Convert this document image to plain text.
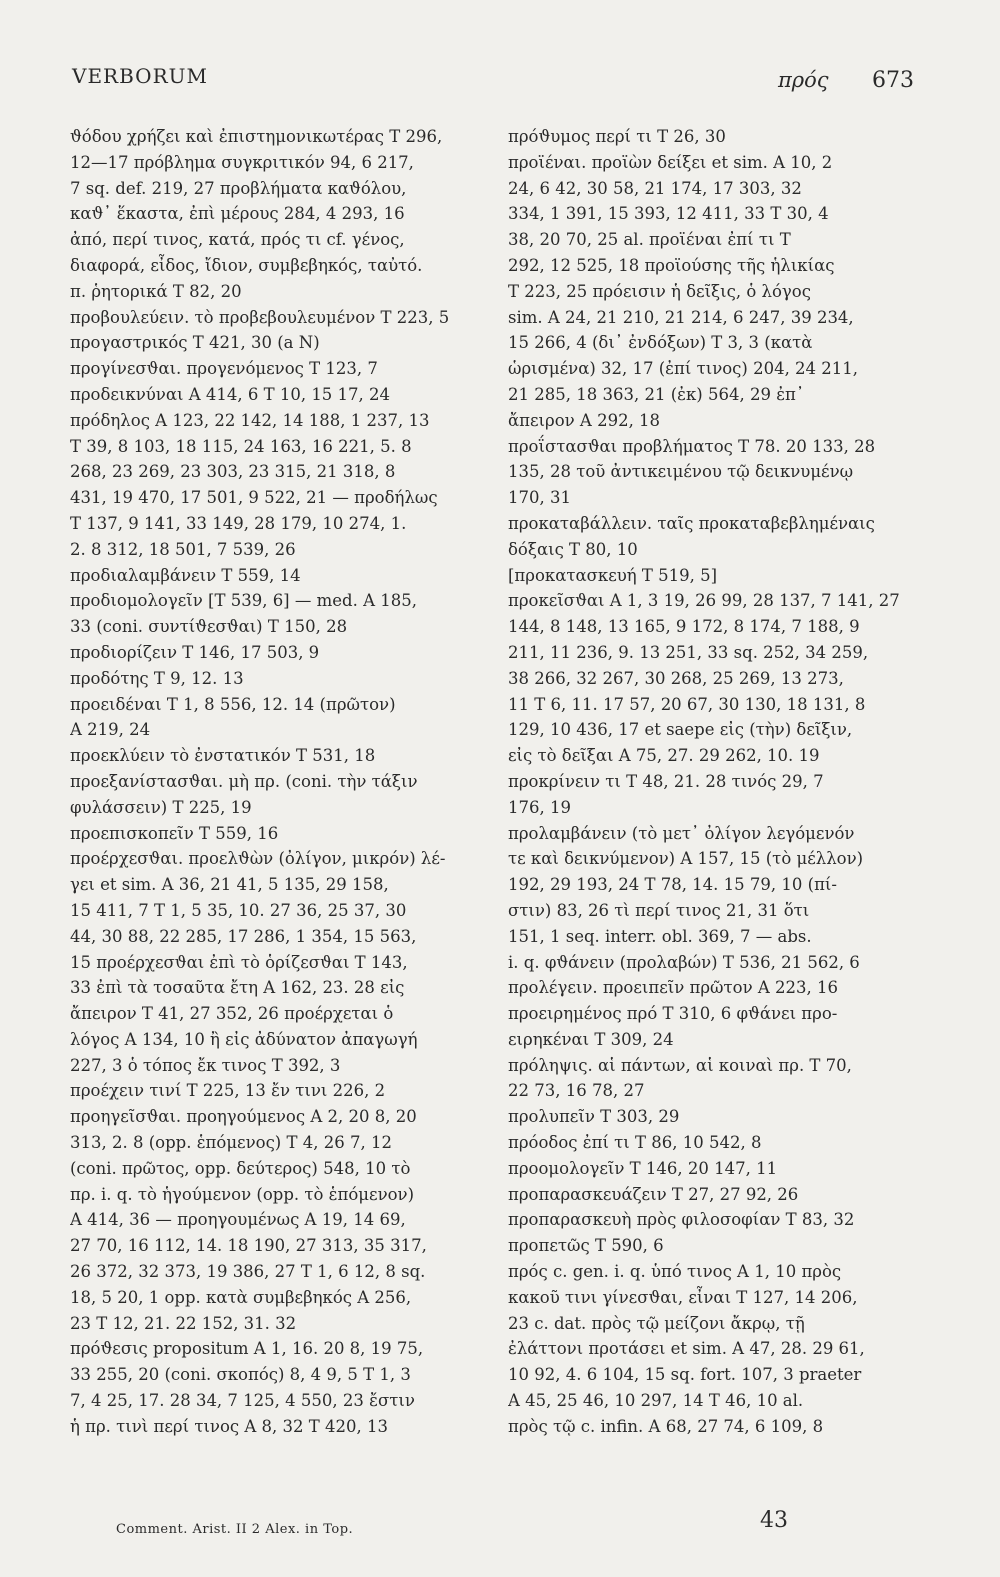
VERBORUM	πρός 673
ϑόδου χρήζει καὶ ἐπιστημονικωτέρας Τ 296,
12—17 πρόβλημα συγκριτικόν 94, 6 217,
7 sq. def. 219, 27 προβλήματα καϑόλου,
καϑ᾽ ἕκαστα, ἐπὶ μέρους 284, 4 293, 16
ἀπό, περί τινος, κατά, πρός τι cf. γένος,
διαφορά, εἶδος, ἴδιον, συμβεβηκός, ταὐτό.
π. ῥητορικά Τ 82, 20
προβουλεύειν. τὸ προβεβουλευμένον Τ 223, 5
προγαστρικός Τ 421, 30 (a N)
προγίνεσϑαι. προγενόμενος Τ 123, 7
προδεικνύναι Α 414, 6 Τ 10, 15 17, 24
πρόδηλος Α 123, 22 142, 14 188, 1 237, 13
Τ 39, 8 103, 18 115, 24 163, 16 221, 5. 8
268, 23 269, 23 303, 23 315, 21 318, 8
431, 19 470, 17 501, 9 522, 21 — προδήλως
Τ 137, 9 141, 33 149, 28 179, 10 274, 1.
2. 8 312, 18 501, 7 539, 26
προδιαλαμβάνειν Τ 559, 14
προδιομολογεῖν [Τ 539, 6] — med. Α 185,
33 (coni. συντίϑεσϑαι) Τ 150, 28
προδιορίζειν Τ 146, 17 503, 9
προδότης Τ 9, 12. 13
προειδέναι Τ 1, 8 556, 12. 14 (πρῶτον)
Α 219, 24
προεκλύειν τὸ ἐνστατικόν Τ 531, 18
προεξανίστασϑαι. μὴ πρ. (coni. τὴν τάξιν
φυλάσσειν) Τ 225, 19
προεπισκοπεῖν Τ 559, 16
προέρχεσϑαι. προελϑὼν (ὀλίγον, μικρόν) λέ-
γει et sim. Α 36, 21 41, 5 135, 29 158,
15 411, 7 Τ 1, 5 35, 10. 27 36, 25 37, 30
44, 30 88, 22 285, 17 286, 1 354, 15 563,
15 προέρχεσϑαι ἐπὶ τὸ ὁρίζεσϑαι Τ 143,
33 ἐπὶ τὰ τοσαῦτα ἔτη Α 162, 23. 28 εἰς
ἄπειρον Τ 41, 27 352, 26 προέρχεται ὁ
λόγος Α 134, 10 ἢ εἰς ἀδύνατον ἀπαγωγή
227, 3 ὁ τόπος ἔκ τινος Τ 392, 3
προέχειν τινί Τ 225, 13 ἔν τινι 226, 2
προηγεῖσϑαι. προηγούμενος Α 2, 20 8, 20
313, 2. 8 (opp. ἑπόμενος) Τ 4, 26 7, 12
(coni. πρῶτος, opp. δεύτερος) 548, 10 τὸ
πρ. i. q. τὸ ἡγούμενον (opp. τὸ ἑπόμενον)
Α 414, 36 — προηγουμένως Α 19, 14 69,
27 70, 16 112, 14. 18 190, 27 313, 35 317,
26 372, 32 373, 19 386, 27 Τ 1, 6 12, 8 sq.
18, 5 20, 1 opp. κατὰ συμβεβηκός Α 256,
23 Τ 12, 21. 22 152, 31. 32
πρόϑεσις propositum Α 1, 16. 20 8, 19 75,
33 255, 20 (coni. σκοπός) 8, 4 9, 5 Τ 1, 3
7, 4 25, 17. 28 34, 7 125, 4 550, 23 ἔστιν
ἡ πρ. τινὶ περί τινος Α 8, 32 Τ 420, 13
πρόϑυμος περί τι Τ 26, 30
προϊέναι. προϊὼν δείξει et sim. Α 10, 2
24, 6 42, 30 58, 21 174, 17 303, 32
334, 1 391, 15 393, 12 411, 33 Τ 30, 4
38, 20 70, 25 al. προϊέναι ἐπί τι Τ
292, 12 525, 18 προϊούσης τῆς ἡλικίας
Τ 223, 25 πρόεισιν ἡ δεῖξις, ὁ λόγος
sim. Α 24, 21 210, 21 214, 6 247, 39 234,
15 266, 4 (δι᾽ ἐνδόξων) Τ 3, 3 (κατὰ
ὡρισμένα) 32, 17 (ἐπί τινος) 204, 24 211,
21 285, 18 363, 21 (ἐκ) 564, 29 ἐπ᾽
ἄπειρον Α 292, 18
προΐστασϑαι προβλήματος Τ 78. 20 133, 28
135, 28 τοῦ ἀντικειμένου τῷ δεικνυμένῳ
170, 31
προκαταβάλλειν. ταῖς προκαταβεβλημέναις
δόξαις Τ 80, 10
[προκατασκευή Τ 519, 5]
προκεῖσϑαι Α 1, 3 19, 26 99, 28 137, 7 141, 27
144, 8 148, 13 165, 9 172, 8 174, 7 188, 9
211, 11 236, 9. 13 251, 33 sq. 252, 34 259,
38 266, 32 267, 30 268, 25 269, 13 273,
11 Τ 6, 11. 17 57, 20 67, 30 130, 18 131, 8
129, 10 436, 17 et saepe εἰς (τὴν) δεῖξιν,
εἰς τὸ δεῖξαι Α 75, 27. 29 262, 10. 19
προκρίνειν τι Τ 48, 21. 28 τινός 29, 7
176, 19
προλαμβάνειν (τὸ μετ᾽ ὀλίγον λεγόμενόν
τε καὶ δεικνύμενον) Α 157, 15 (τὸ μέλλον)
192, 29 193, 24 Τ 78, 14. 15 79, 10 (πί-
στιν) 83, 26 τὶ περί τινος 21, 31 ὅτι
151, 1 seq. interr. obl. 369, 7 — abs.
i. q. φϑάνειν (προλαβών) Τ 536, 21 562, 6
προλέγειν. προειπεῖν πρῶτον Α 223, 16
προειρημένος πρό Τ 310, 6 φϑάνει προ-
ειρηκέναι Τ 309, 24
πρόληψις. αἱ πάντων, αἱ κοιναὶ πρ. Τ 70,
22 73, 16 78, 27
προλυπεῖν Τ 303, 29
πρόοδος ἐπί τι Τ 86, 10 542, 8
προομολογεῖν Τ 146, 20 147, 11
προπαρασκευάζειν Τ 27, 27 92, 26
προπαρασκευὴ πρὸς φιλοσοφίαν Τ 83, 32
προπετῶς Τ 590, 6
πρός c. gen. i. q. ὑπό τινος Α 1, 10 πρὸς
κακοῦ τινι γίνεσϑαι, εἶναι Τ 127, 14 206,
23 c. dat. πρὸς τῷ μείζονι ἄκρῳ, τῇ
ἐλάττονι προτάσει et sim. Α 47, 28. 29 61,
10 92, 4. 6 104, 15 sq. fort. 107, 3 praeter
Α 45, 25 46, 10 297, 14 Τ 46, 10 al.
πρὸς τῷ c. infin. Α 68, 27 74, 6 109, 8
Comment. Arist. II 2 Alex. in Top.	43
